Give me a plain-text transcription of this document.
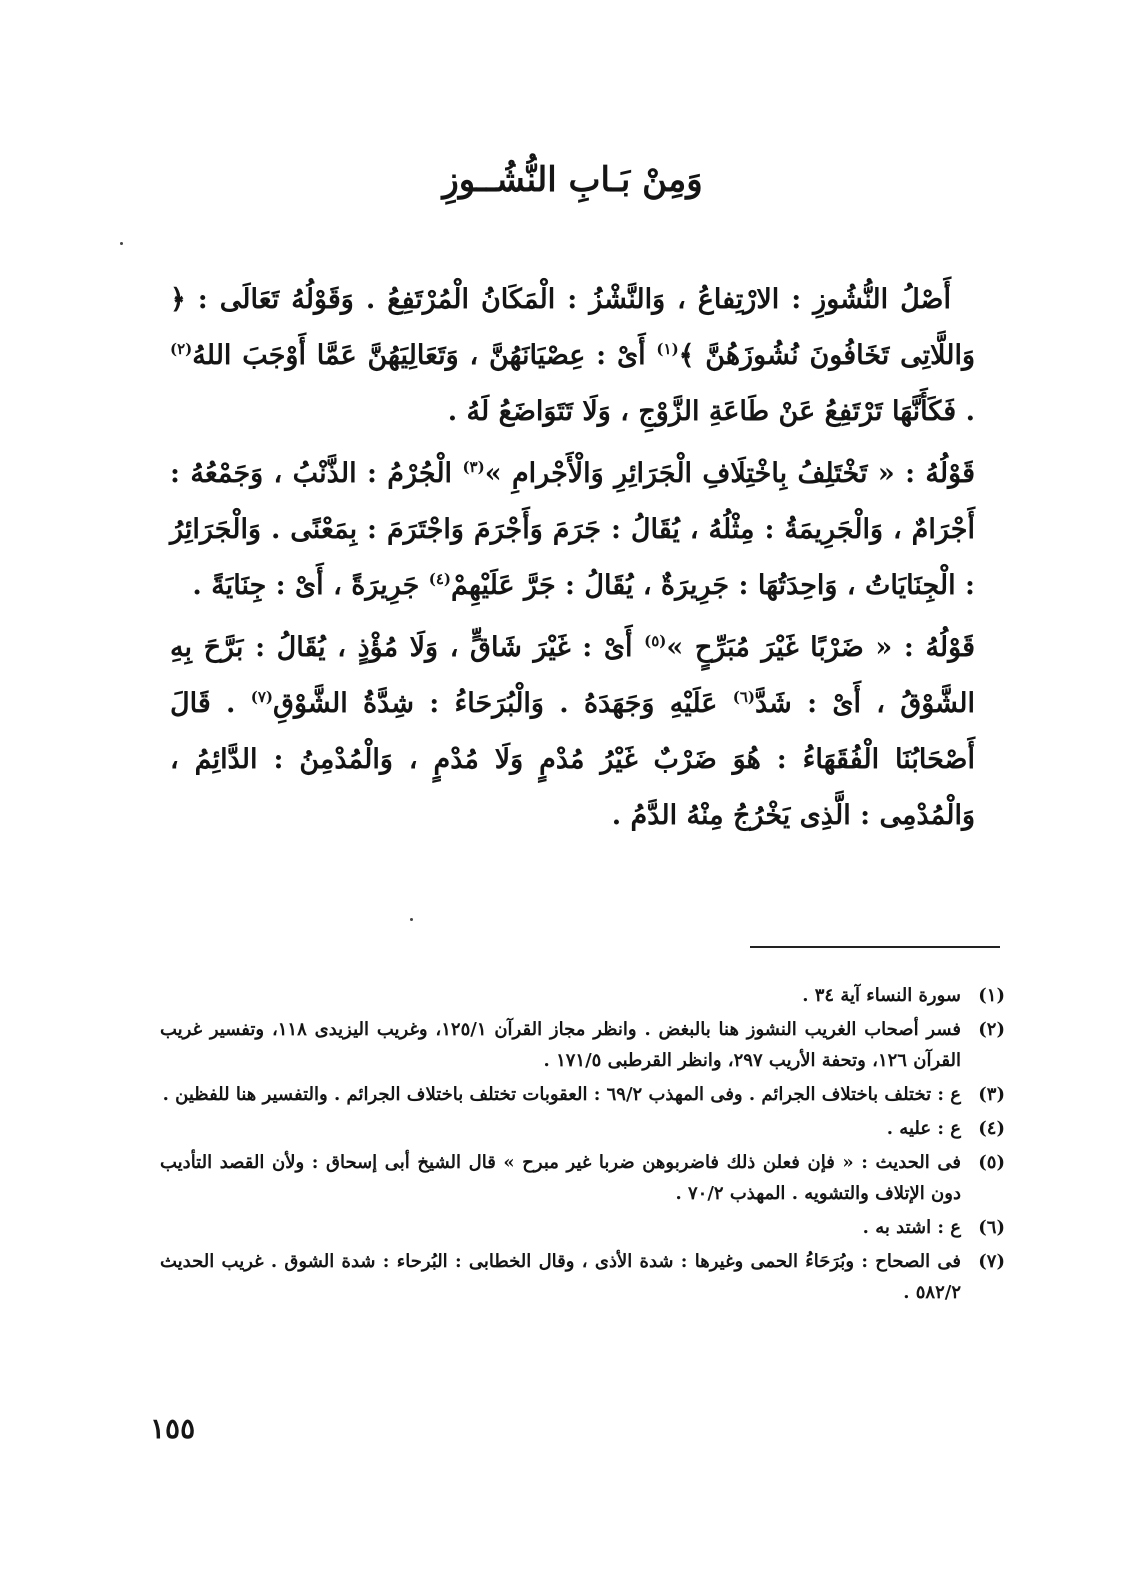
وَمِنْ بَـابِ النُّشُــوزِ

أَصْلُ النُّشُوزِ : الارْتِفاعُ ، وَالنَّشْزُ : الْمَكَانُ الْمُرْتَفِعُ . وَقَوْلُهُ تَعَالَى : ﴿ وَاللَّاتِى تَخَافُونَ نُشُوزَهُنَّ ﴾$^{(١)}$ أَىْ : عِصْيَانَهُنَّ ، وَتَعَالِيَهُنَّ عَمَّا أَوْجَبَ اللهُ$^{(٢)}$ . فَكَأَنَّهَا تَرْتَفِعُ عَنْ طَاعَةِ الزَّوْجِ ، وَلَا تَتَوَاضَعُ لَهُ .

قَوْلُهُ : « تَخْتَلِفُ بِاخْتِلَافِ الْجَرَائِرِ وَالْأَجْرامِ »$^{(٣)}$ الْجُرْمُ : الذَّنْبُ ، وَجَمْعُهُ : أَجْرَامٌ ، وَالْجَرِيمَةُ : مِثْلُهُ ، يُقَالُ : جَرَمَ وَأَجْرَمَ وَاجْتَرَمَ : بِمَعْنًى . وَالْجَرَائِرُ : الْجِنَايَاتُ ، وَاحِدَتُهَا : جَرِيرَةٌ ، يُقَالُ : جَرَّ عَلَيْهِمْ$^{(٤)}$ جَرِيرَةً ، أَىْ : جِنَايَةً .

قَوْلُهُ : « ضَرْبًا غَيْرَ مُبَرِّحٍ »$^{(٥)}$ أَىْ : غَيْرَ شَاقٍّ ، وَلَا مُؤْذٍ ، يُقَالُ : بَرَّحَ بِهِ الشَّوْقُ ، أَىْ : شَدَّ$^{(٦)}$ عَلَيْهِ وَجَهَدَهُ . وَالْبُرَحَاءُ : شِدَّةُ الشَّوْقِ$^{(٧)}$ . قَالَ أَصْحَابُنَا الْفُقَهَاءُ : هُوَ ضَرْبٌ غَيْرُ مُدْمٍ وَلَا مُدْمٍ ، وَالْمُدْمِنُ : الدَّائِمُ ، وَالْمُدْمِى : الَّذِى يَخْرُجُ مِنْهُ الدَّمُ .

(١)
سورة النساء آية ٣٤ .
(٢)
فسر أصحاب الغريب النشوز هنا بالبغض . وانظر مجاز القرآن ١٢٥/١، وغريب اليزيدى ١١٨، وتفسير غريب القرآن ١٢٦، وتحفة الأريب ٢٩٧، وانظر القرطبى ١٧١/٥ .
(٣)
ع : تختلف باختلاف الجرائم . وفى المهذب ٦٩/٢ : العقوبات تختلف باختلاف الجرائم . والتفسير هنا للفظين .
(٤)
ع : عليه .
(٥)
فى الحديث : « فإن فعلن ذلك فاضربوهن ضربا غير مبرح » قال الشيخ أبى إسحاق : ولأن القصد التأديب دون الإتلاف والتشويه . المهذب ٧٠/٢ .
(٦)
ع : اشتد به .
(٧)
فى الصحاح : وبُرَحَاءُ الحمى وغيرها : شدة الأذى ، وقال الخطابى : البُرحاء : شدة الشوق . غريب الحديث ٥٨٢/٢ .
١٥٥
